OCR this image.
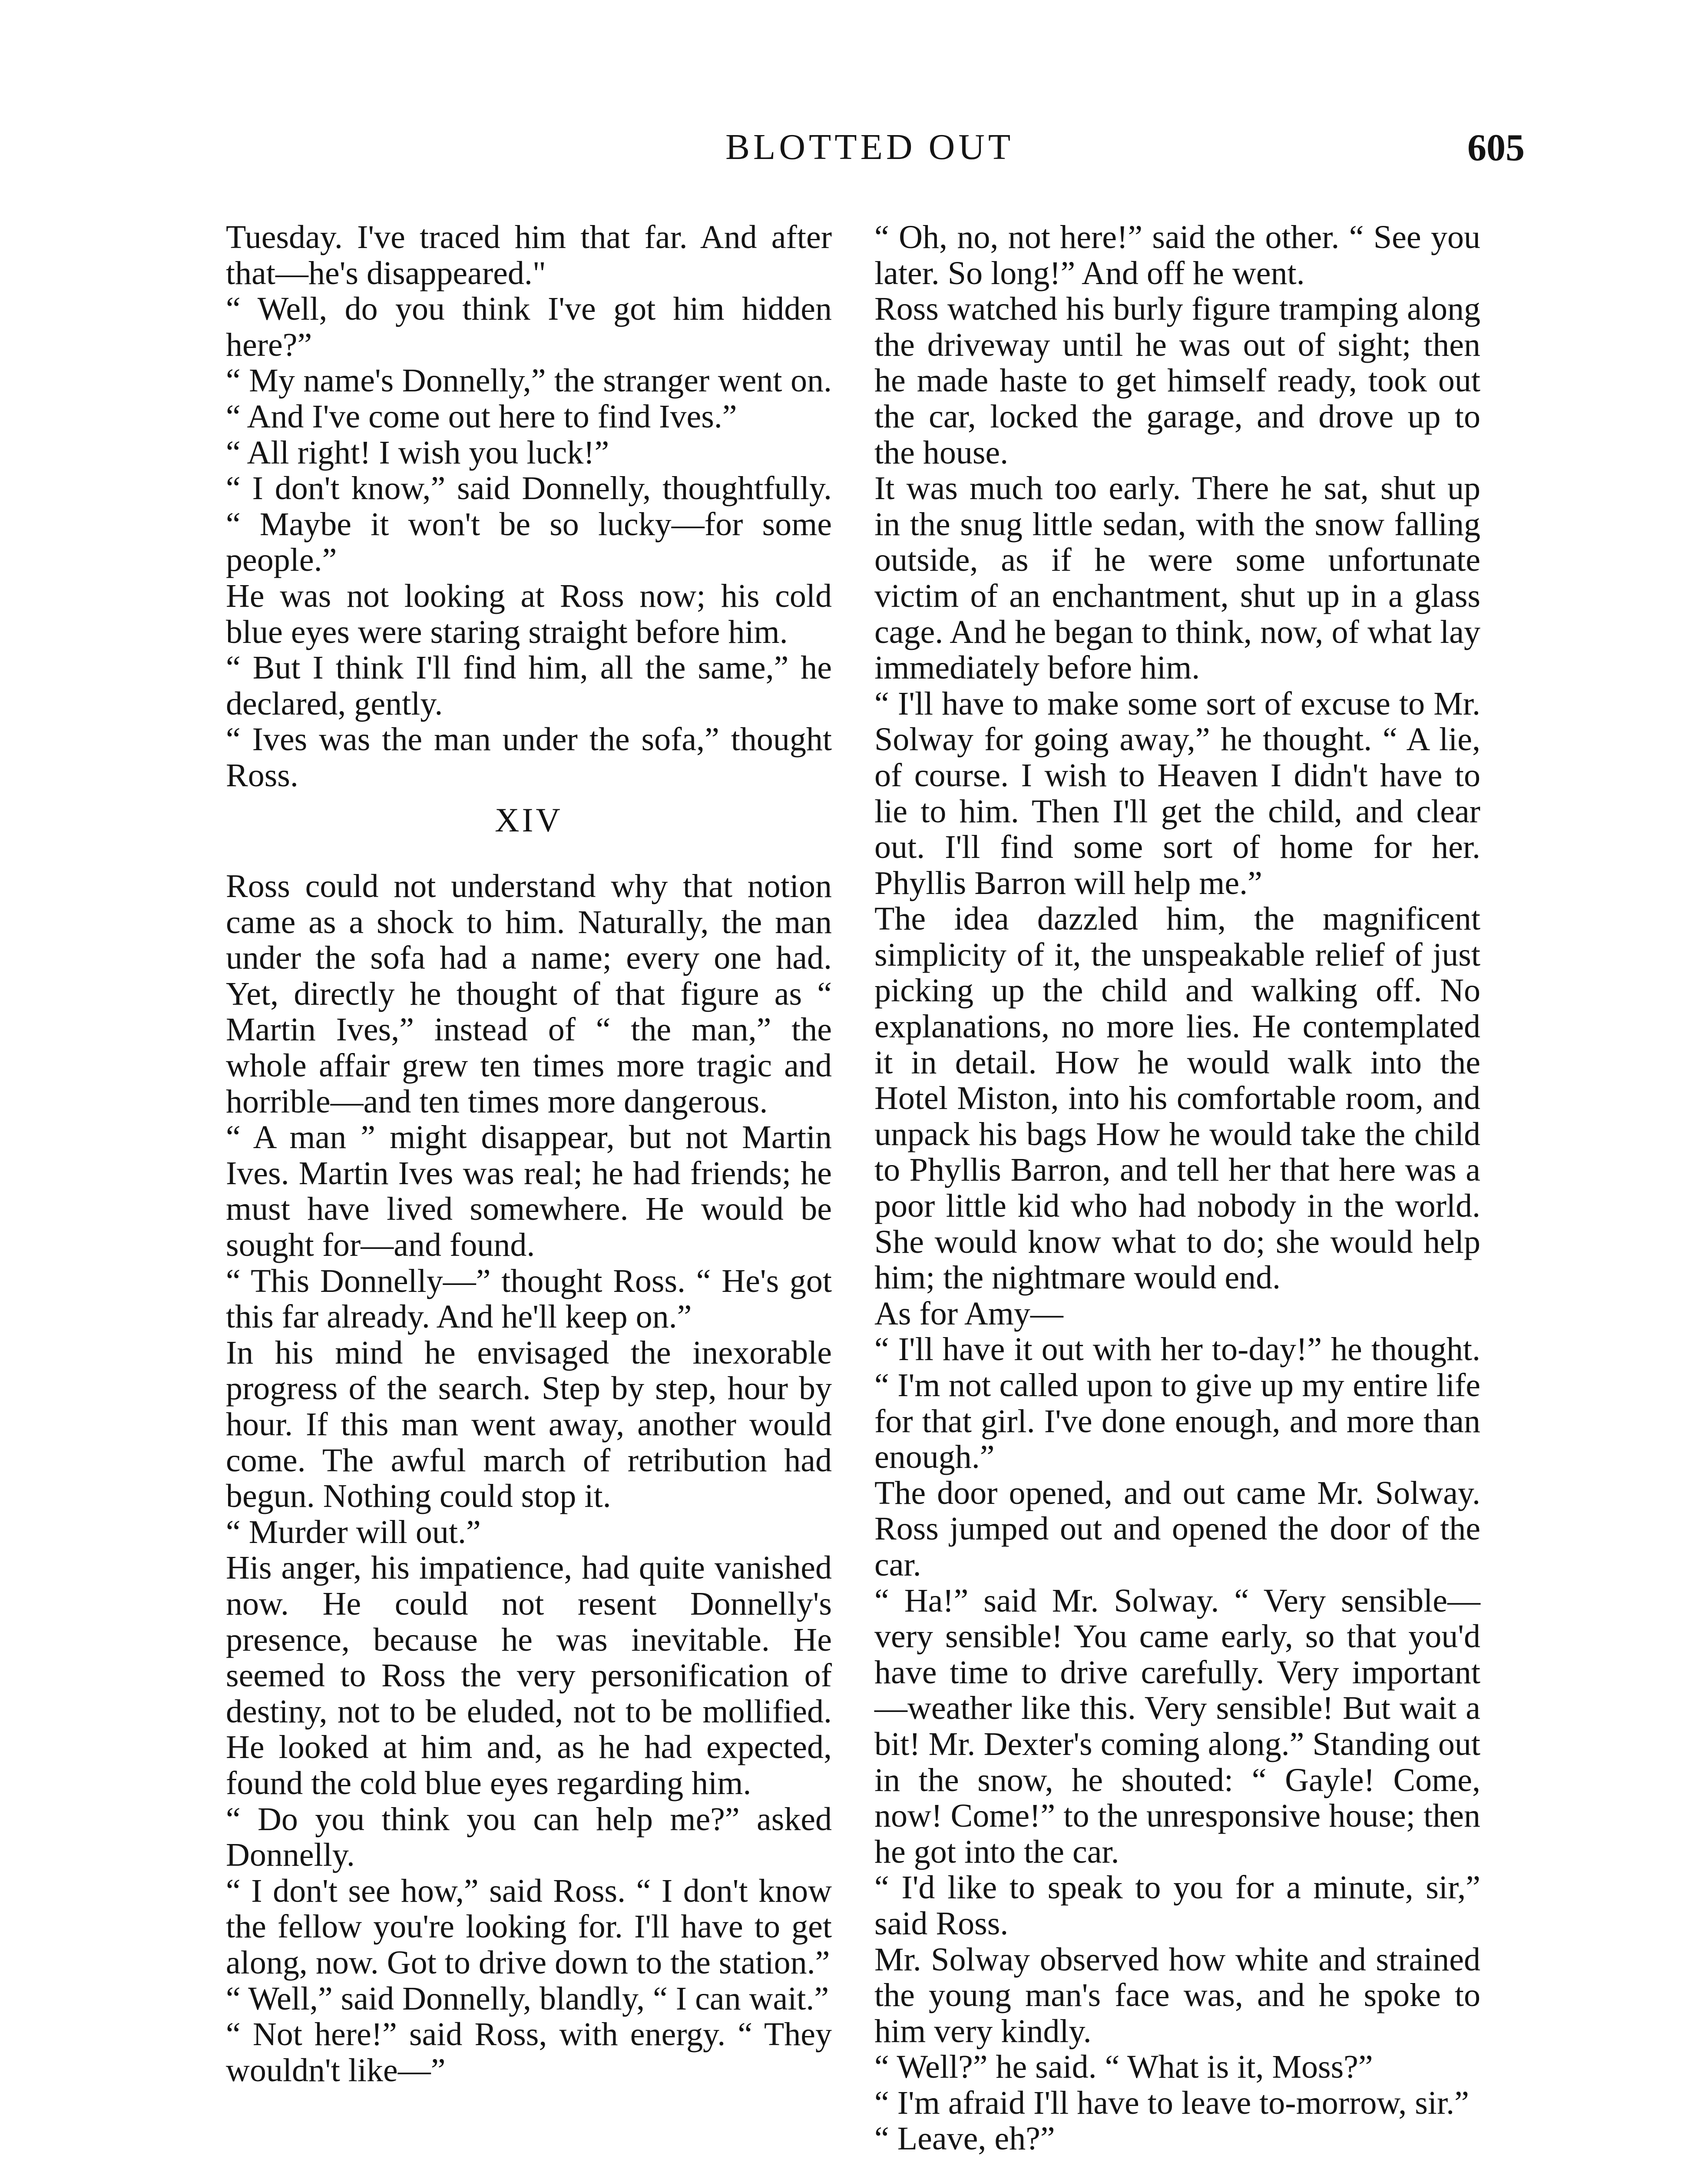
BLOTTED OUT	605

Tuesday. I've traced him that far. And after that—he's disappeared."

“ Well, do you think I've got him hidden here?”

“ My name's Donnelly,” the stranger went on. “ And I've come out here to find Ives.”

“ All right! I wish you luck!”

“ I don't know,” said Donnelly, thoughtfully. “ Maybe it won't be so lucky—for some people.”

He was not looking at Ross now; his cold blue eyes were staring straight before him.

“ But I think I'll find him, all the same,” he declared, gently.

“ Ives was the man under the sofa,” thought Ross.

XIV

Ross could not understand why that notion came as a shock to him. Naturally, the man under the sofa had a name; every one had. Yet, directly he thought of that figure as “ Martin Ives,” instead of “ the man,” the whole affair grew ten times more tragic and horrible—and ten times more dangerous.

“ A man ” might disappear, but not Martin Ives. Martin Ives was real; he had friends; he must have lived somewhere. He would be sought for—and found.

“ This Donnelly—” thought Ross. “ He's got this far already. And he'll keep on.”

In his mind he envisaged the inexorable progress of the search. Step by step, hour by hour. If this man went away, another would come. The awful march of retribution had begun. Nothing could stop it.

“ Murder will out.”

His anger, his impatience, had quite vanished now. He could not resent Donnelly's presence, because he was inevitable. He seemed to Ross the very personification of destiny, not to be eluded, not to be mollified. He looked at him and, as he had expected, found the cold blue eyes regarding him.

“ Do you think you can help me?” asked Donnelly.

“ I don't see how,” said Ross. “ I don't know the fellow you're looking for. I'll have to get along, now. Got to drive down to the station.”

“ Well,” said Donnelly, blandly, “ I can wait.”

“ Not here!” said Ross, with energy. “ They wouldn't like—”

“ Oh, no, not here!” said the other. “ See you later. So long!” And off he went.

Ross watched his burly figure tramping along the driveway until he was out of sight; then he made haste to get himself ready, took out the car, locked the garage, and drove up to the house.

It was much too early. There he sat, shut up in the snug little sedan, with the snow falling outside, as if he were some unfortunate victim of an enchantment, shut up in a glass cage. And he began to think, now, of what lay immediately before him.

“ I'll have to make some sort of excuse to Mr. Solway for going away,” he thought. “ A lie, of course. I wish to Heaven I didn't have to lie to him. Then I'll get the child, and clear out. I'll find some sort of home for her. Phyllis Barron will help me.”

The idea dazzled him, the magnificent simplicity of it, the unspeakable relief of just picking up the child and walking off. No explanations, no more lies. He contemplated it in detail. How he would walk into the Hotel Miston, into his comfortable room, and unpack his bags How he would take the child to Phyllis Barron, and tell her that here was a poor little kid who had nobody in the world. She would know what to do; she would help him; the nightmare would end.

As for Amy—

“ I'll have it out with her to-day!” he thought. “ I'm not called upon to give up my entire life for that girl. I've done enough, and more than enough.”

The door opened, and out came Mr. Solway. Ross jumped out and opened the door of the car.

“ Ha!” said Mr. Solway. “ Very sensible—very sensible! You came early, so that you'd have time to drive carefully. Very important—weather like this. Very sensible! But wait a bit! Mr. Dexter's coming along.” Standing out in the snow, he shouted: “ Gayle! Come, now! Come!” to the unresponsive house; then he got into the car.

“ I'd like to speak to you for a minute, sir,” said Ross.

Mr. Solway observed how white and strained the young man's face was, and he spoke to him very kindly.

“ Well?” he said. “ What is it, Moss?”

“ I'm afraid I'll have to leave to-morrow, sir.”

“ Leave, eh?”
